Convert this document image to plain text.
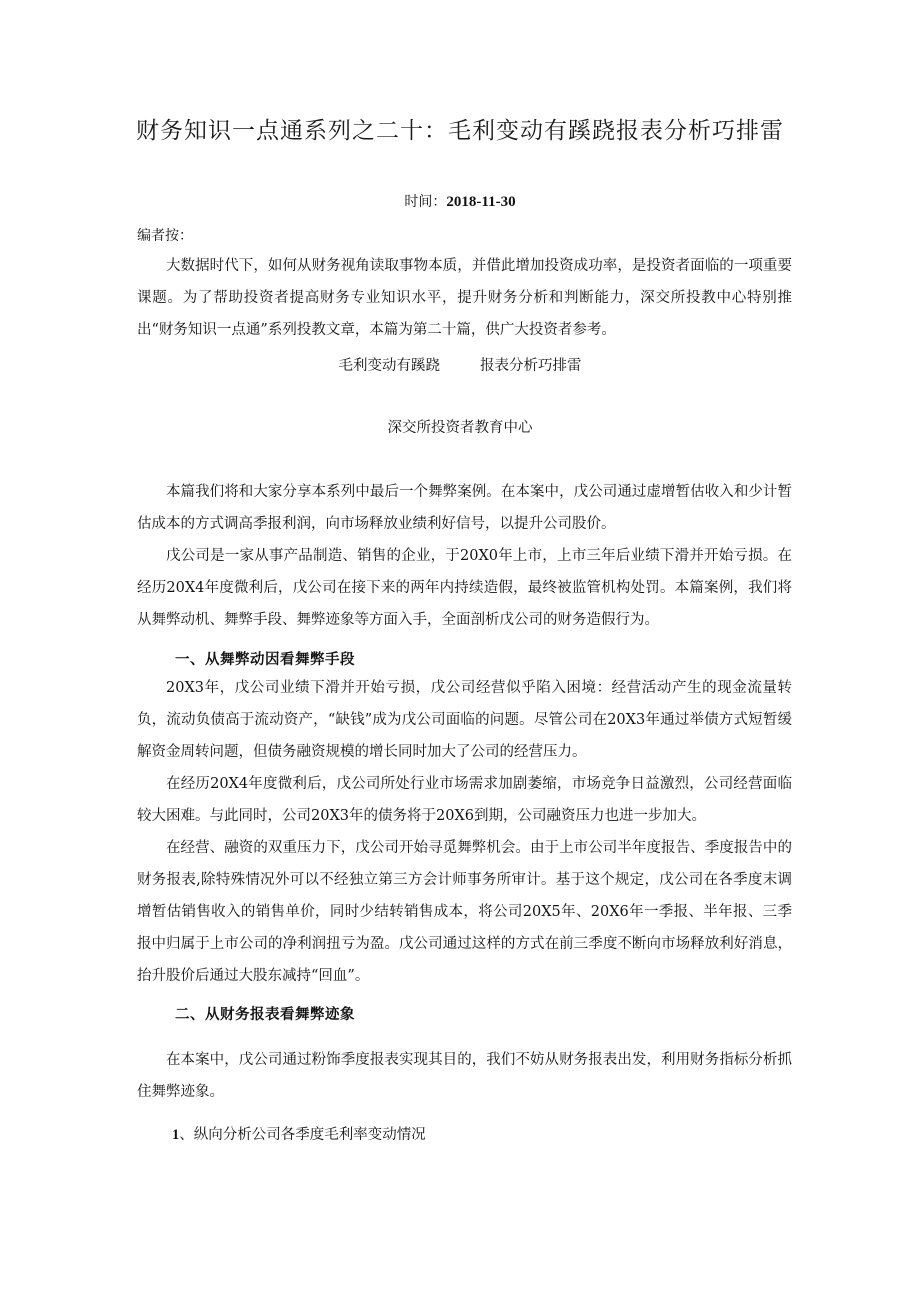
财务知识一点通系列之二十：毛利变动有蹊跷报表分析巧排雷
时间：2018-11-30
编者按：

大数据时代下，如何从财务视角读取事物本质，并借此增加投资成功率，是投资者面临的一项重要课题。为了帮助投资者提高财务专业知识水平，提升财务分析和判断能力，深交所投教中心特别推出“财务知识一点通”系列投教文章，本篇为第二十篇，供广大投资者参考。

毛利变动有蹊跷	报表分析巧排雷
深交所投资者教育中心

本篇我们将和大家分享本系列中最后一个舞弊案例。在本案中，戊公司通过虚增暂估收入和少计暂估成本的方式调高季报利润，向市场释放业绩利好信号，以提升公司股价。

戊公司是一家从事产品制造、销售的企业，于20X0年上市，上市三年后业绩下滑并开始亏损。在经历20X4年度微利后，戊公司在接下来的两年内持续造假，最终被监管机构处罚。本篇案例，我们将从舞弊动机、舞弊手段、舞弊迹象等方面入手，全面剖析戊公司的财务造假行为。

一、从舞弊动因看舞弊手段

20X3年，戊公司业绩下滑并开始亏损，戊公司经营似乎陷入困境：经营活动产生的现金流量转负，流动负债高于流动资产，“缺钱”成为戊公司面临的问题。尽管公司在20X3年通过举债方式短暂缓解资金周转问题，但债务融资规模的增长同时加大了公司的经营压力。

在经历20X4年度微利后，戊公司所处行业市场需求加剧萎缩，市场竞争日益激烈，公司经营面临较大困难。与此同时，公司20X3年的债务将于20X6到期，公司融资压力也进一步加大。

在经营、融资的双重压力下，戊公司开始寻觅舞弊机会。由于上市公司半年度报告、季度报告中的财务报表,除特殊情况外可以不经独立第三方会计师事务所审计。基于这个规定，戊公司在各季度末调增暂估销售收入的销售单价，同时少结转销售成本，将公司20X5年、20X6年一季报、半年报、三季报中归属于上市公司的净利润扭亏为盈。戊公司通过这样的方式在前三季度不断向市场释放利好消息，抬升股价后通过大股东减持“回血”。

二、从财务报表看舞弊迹象

在本案中，戊公司通过粉饰季度报表实现其目的，我们不妨从财务报表出发，利用财务指标分析抓住舞弊迹象。

1、纵向分析公司各季度毛利率变动情况
